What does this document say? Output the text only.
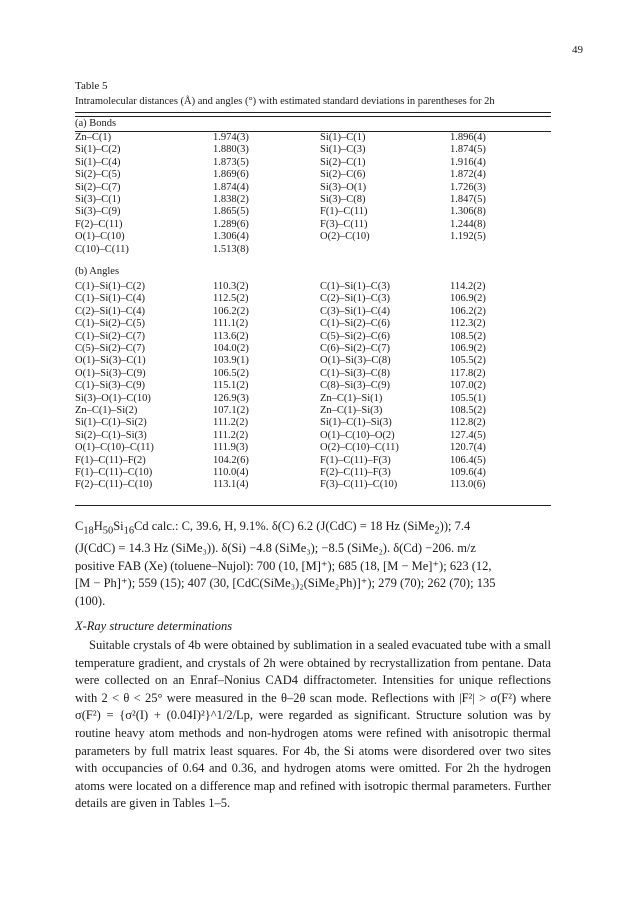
49
Table 5
Intramolecular distances (Å) and angles (°) with estimated standard deviations in parentheses for 2h
(a) Bonds
Zn–C(1)	1.974(3)	Si(1)–C(1)	1.896(4)
Si(1)–C(2)	1.880(3)	Si(1)–C(3)	1.874(5)
Si(1)–C(4)	1.873(5)	Si(2)–C(1)	1.916(4)
Si(2)–C(5)	1.869(6)	Si(2)–C(6)	1.872(4)
Si(2)–C(7)	1.874(4)	Si(3)–O(1)	1.726(3)
Si(3)–C(1)	1.838(2)	Si(3)–C(8)	1.847(5)
Si(3)–C(9)	1.865(5)	F(1)–C(11)	1.306(8)
F(2)–C(11)	1.289(6)	F(3)–C(11)	1.244(8)
O(1)–C(10)	1.306(4)	O(2)–C(10)	1.192(5)
C(10)–C(11)	1.513(8)
(b) Angles
C(1)–Si(1)–C(2)	110.3(2)	C(1)–Si(1)–C(3)	114.2(2)
C(1)–Si(1)–C(4)	112.5(2)	C(2)–Si(1)–C(3)	106.9(2)
C(2)–Si(1)–C(4)	106.2(2)	C(3)–Si(1)–C(4)	106.2(2)
C(1)–Si(2)–C(5)	111.1(2)	C(1)–Si(2)–C(6)	112.3(2)
C(1)–Si(2)–C(7)	113.6(2)	C(5)–Si(2)–C(6)	108.5(2)
C(5)–Si(2)–C(7)	104.0(2)	C(6)–Si(2)–C(7)	106.9(2)
O(1)–Si(3)–C(1)	103.9(1)	O(1)–Si(3)–C(8)	105.5(2)
O(1)–Si(3)–C(9)	106.5(2)	C(1)–Si(3)–C(8)	117.8(2)
C(1)–Si(3)–C(9)	115.1(2)	C(8)–Si(3)–C(9)	107.0(2)
Si(3)–O(1)–C(10)	126.9(3)	Zn–C(1)–Si(1)	105.5(1)
Zn–C(1)–Si(2)	107.1(2)	Zn–C(1)–Si(3)	108.5(2)
Si(1)–C(1)–Si(2)	111.2(2)	Si(1)–C(1)–Si(3)	112.8(2)
Si(2)–C(1)–Si(3)	111.2(2)	O(1)–C(10)–O(2)	127.4(5)
O(1)–C(10)–C(11)	111.9(3)	O(2)–C(10)–C(11)	120.7(4)
F(1)–C(11)–F(2)	104.2(6)	F(1)–C(11)–F(3)	106.4(5)
F(1)–C(11)–C(10)	110.0(4)	F(2)–C(11)–F(3)	109.6(4)
F(2)–C(11)–C(10)	113.1(4)	F(3)–C(11)–C(10)	113.0(6)

$C_{18}H_{50}Si_{16}Cd$ calc.: C, 39.6, H, 9.1%. δ(C) 6.2 (J(CdC) = 18 Hz (SiMe$_2$)); 7.4

(J(CdC) = 14.3 Hz (SiMe₃)). δ(Si) −4.8 (SiMe₃); −8.5 (SiMe₂). δ(Cd) −206. m/z

positive FAB (Xe) (toluene–Nujol): 700 (10, [M]⁺); 685 (18, [M − Me]⁺); 623 (12,

[M − Ph]⁺); 559 (15); 407 (30, [CdC(SiMe₃)₂(SiMe₂Ph)]⁺); 279 (70); 262 (70); 135

(100).

X-Ray structure determinations

Suitable crystals of 4b were obtained by sublimation in a sealed evacuated tube with a small temperature gradient, and crystals of 2h were obtained by recrystallization from pentane. Data were collected on an Enraf–Nonius CAD4 diffractometer. Intensities for unique reflections with 2 < θ < 25° were measured in the θ–2θ scan mode. Reflections with |F²| > σ(F²) where σ(F²) = {σ²(I) + (0.04I)²}^1/2/Lp, were regarded as significant. Structure solution was by routine heavy atom methods and non-hydrogen atoms were refined with anisotropic thermal parameters by full matrix least squares. For 4b, the Si atoms were disordered over two sites with occupancies of 0.64 and 0.36, and hydrogen atoms were omitted. For 2h the hydrogen atoms were located on a difference map and refined with isotropic thermal parameters. Further details are given in Tables 1–5.
